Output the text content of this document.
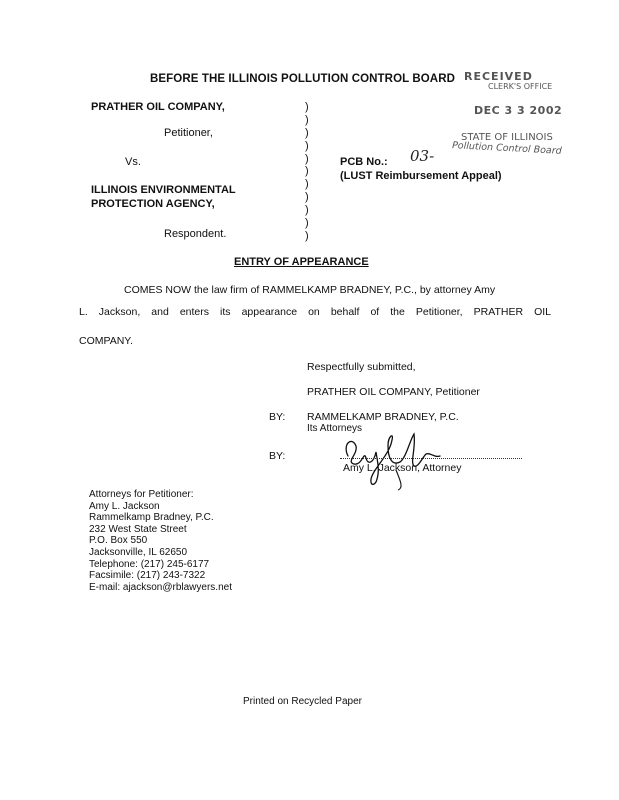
BEFORE THE ILLINOIS POLLUTION CONTROL BOARD RECEIVED
CLERK'S OFFICE
DEC 3 3 2002
STATE OF ILLINOIS
Pollution Control Board
PRATHER OIL COMPANY,
Petitioner,
Vs.
ILLINOIS ENVIRONMENTAL
PROTECTION AGENCY,
Respondent.
)
)
)
)
)
)
)
)
)
)
)
PCB No.: 03-
(LUST Reimbursement Appeal)
ENTRY OF APPEARANCE
COMES NOW the law firm of RAMMELKAMP BRADNEY, P.C., by attorney Amy
L. Jackson, and enters its appearance on behalf of the Petitioner, PRATHER OIL
COMPANY.
Respectfully submitted,
PRATHER OIL COMPANY, Petitioner
BY: RAMMELKAMP BRADNEY, P.C.
Its Attorneys
BY:
Amy L. Jackson, Attorney
Attorneys for Petitioner:
Amy L. Jackson
Rammelkamp Bradney, P.C.
232 West State Street
P.O. Box 550
Jacksonville, IL 62650
Telephone: (217) 245-6177
Facsimile: (217) 243-7322
E-mail: ajackson@rblawyers.net
Printed on Recycled Paper
